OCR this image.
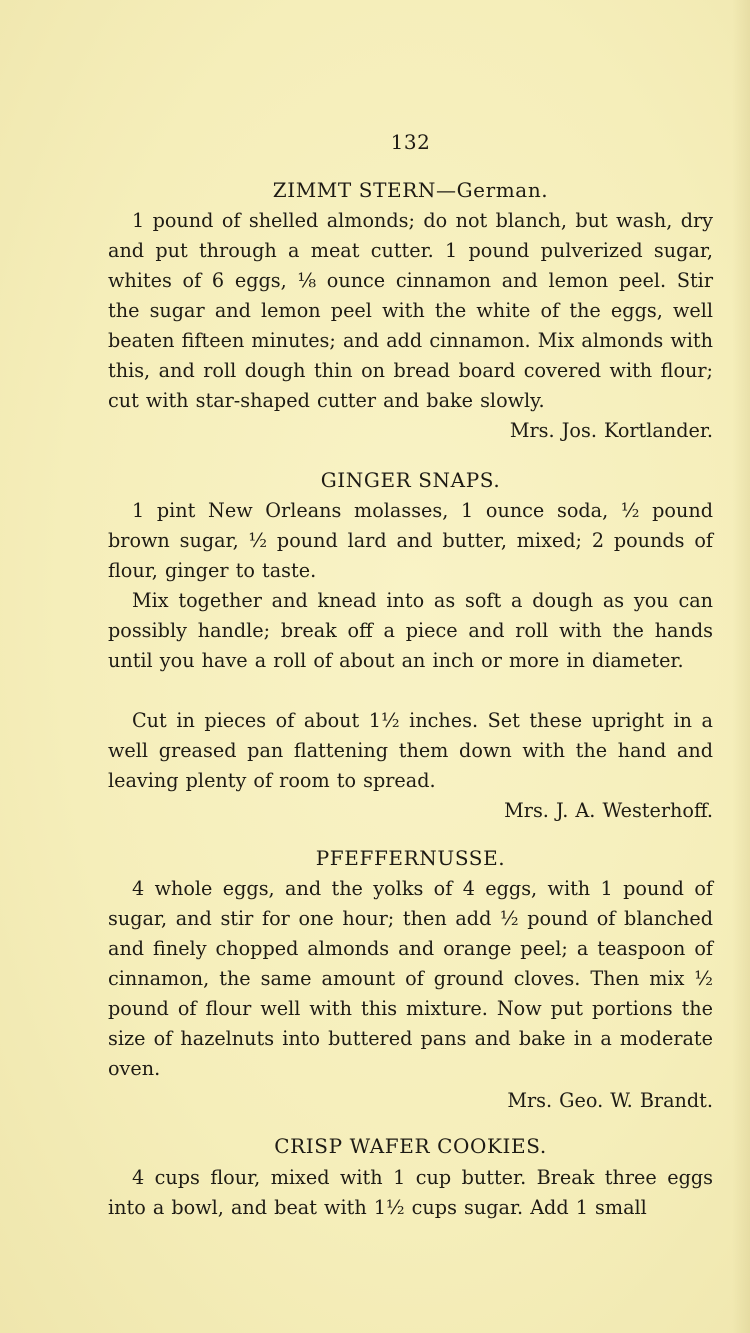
132
ZIMMT STERN—German.
1 pound of shelled almonds; do not blanch, but wash, dry and put through a meat cutter. 1 pound pulverized sugar, whites of 6 eggs, ⅛ ounce cinnamon and lemon peel. Stir the sugar and lemon peel with the white of the eggs, well beaten fifteen minutes; and add cinnamon. Mix almonds with this, and roll dough thin on bread board covered with flour; cut with star-shaped cutter and bake slowly.
Mrs. Jos. Kortlander.
GINGER SNAPS.
1 pint New Orleans molasses, 1 ounce soda, ½ pound brown sugar, ½ pound lard and butter, mixed; 2 pounds of flour, ginger to taste.
Mix together and knead into as soft a dough as you can possibly handle; break off a piece and roll with the hands until you have a roll of about an inch or more in diameter.
Cut in pieces of about 1½ inches. Set these upright in a well greased pan flattening them down with the hand and leaving plenty of room to spread.
Mrs. J. A. Westerhoff.
PFEFFERNUSSE.
4 whole eggs, and the yolks of 4 eggs, with 1 pound of sugar, and stir for one hour; then add ½ pound of blanched and finely chopped almonds and orange peel; a teaspoon of cinnamon, the same amount of ground cloves. Then mix ½ pound of flour well with this mixture. Now put portions the size of hazelnuts into buttered pans and bake in a moderate oven.
Mrs. Geo. W. Brandt.
CRISP WAFER COOKIES.
4 cups flour, mixed with 1 cup butter. Break three eggs into a bowl, and beat with 1½ cups sugar. Add 1 small
